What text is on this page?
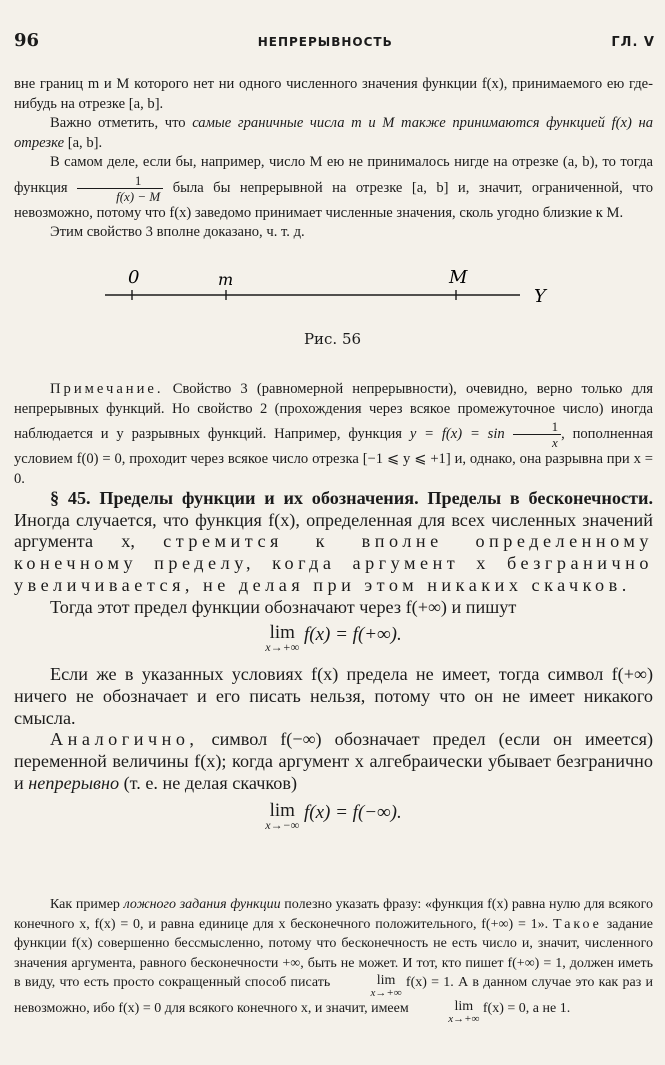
96	НЕПРЕРЫВНОСТЬ	ГЛ. V

вне границ m и M которого нет ни одного численного значения функции f(x), принимаемого ею где-нибудь на отрезке [a, b].

Важно отметить, что самые граничные числа m и M также принимаются функцией f(x) на отрезке [a, b].

В самом деле, если бы, например, число M ею не принималось нигде на отрезке (a, b), то тогда функция $\frac{1}{f(x) - M}$ была бы непрерывной на отрезке [a, b] и, значит, ограниченной, что невозможно, потому что f(x) заведомо принимает численные значения, сколь угодно близкие к M.

Этим свойство 3 вполне доказано, ч. т. д.

0	m	M
Y
Рис. 56

Примечание. Свойство 3 (равномерной непрерывности), очевидно, верно только для непрерывных функций. Но свойство 2 (прохождения через всякое промежуточное число) иногда наблюдается и у разрывных функций. Например, функция $y = f(x) = \sin \frac{1}{x}$ , пополненная условием f(0) = 0, проходит через всякое число отрезка [−1 ⩽ y ⩽ +1] и, однако, она разрывна при x = 0.

§ 45. Пределы функции и их обозначения. Пределы в бесконечности. Иногда случается, что функция f(x), определенная для всех численных значений аргумента x, стремится к вполне определенному конечному пределу, когда аргумент x безгранично увеличивается, не делая при этом никаких скачков.

Тогда этот предел функции обозначают через f(+∞) и пишут

lim
x→+∞
f(x) = f(+∞).

Если же в указанных условиях f(x) предела не имеет, тогда символ f(+∞) ничего не обозначает и его писать нельзя, потому что он не имеет никакого смысла.

Аналогично, символ f(−∞) обозначает предел (если он имеется) переменной величины f(x); когда аргумент x алгебраически убывает безгранично и непрерывно (т. е. не делая скачков)

lim
x→−∞
f(x) = f(−∞).

Как пример ложного задания функции полезно указать фразу: «функция f(x) равна нулю для всякого конечного x, f(x) = 0, и равна единице для x бесконечного положительного, f(+∞) = 1». Такое задание функции f(x) совершенно бессмысленно, потому что бесконечность не есть число и, значит, численного значения аргумента, равного бесконечности +∞, быть не может. И тот, кто пишет f(+∞) = 1, должен иметь в виду, что есть просто сокращенный способ писать	lim
x→+∞
f(x) = 1. А в данном случае это как раз и невозможно, ибо f(x) = 0 для всякого конечного x, и значит, имеем	lim
x→+∞
f(x) = 0, а не 1.
